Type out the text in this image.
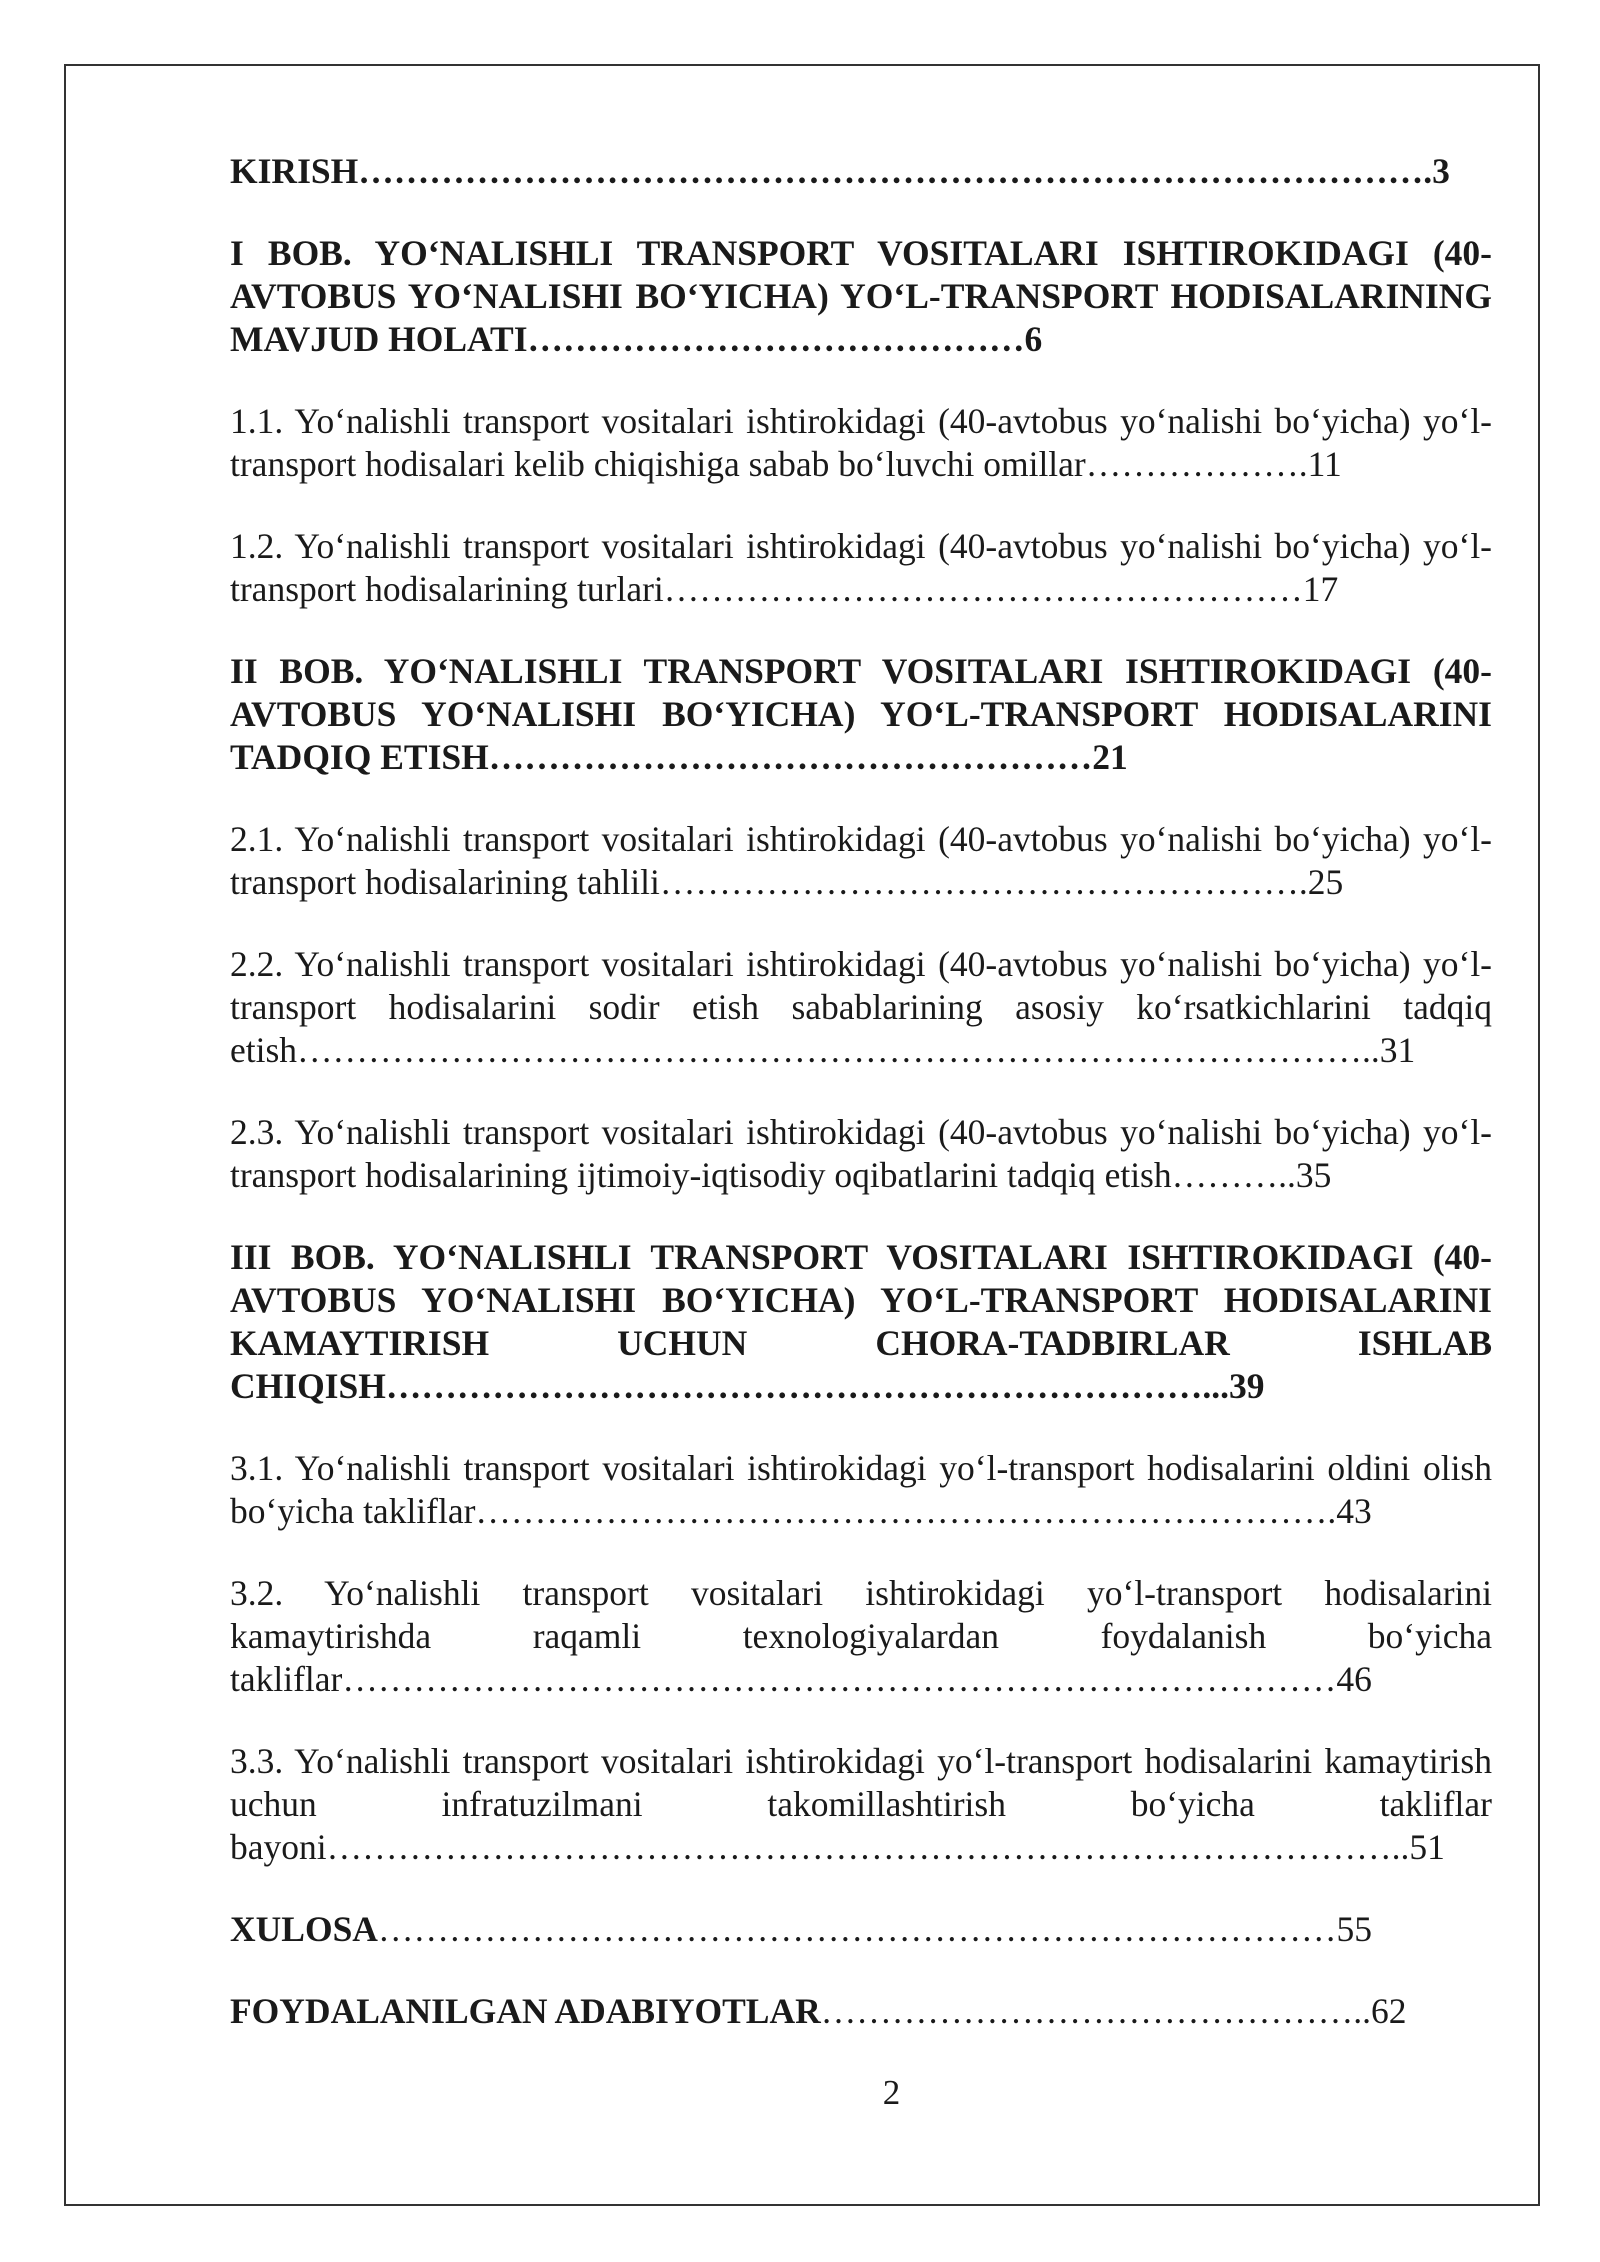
KIRISH……………………………………………………………………………….3

I BOB. YO‘NALISHLI TRANSPORT VOSITALARI ISHTIROKIDAGI (40-AVTOBUS YO‘NALISHI BO‘YICHA) YO‘L-TRANSPORT HODISALARINING MAVJUD HOLATI……………………………………6

1.1. Yo‘nalishli transport vositalari ishtirokidagi (40-avtobus yo‘nalishi bo‘yicha) yo‘l-transport hodisalari kelib chiqishiga sabab bo‘luvchi omillar……………….11

1.2. Yo‘nalishli transport vositalari ishtirokidagi (40-avtobus yo‘nalishi bo‘yicha) yo‘l-transport hodisalarining turlari………………………………………………17

II BOB. YO‘NALISHLI TRANSPORT VOSITALARI ISHTIROKIDAGI (40-AVTOBUS YO‘NALISHI BO‘YICHA) YO‘L-TRANSPORT HODISALARINI TADQIQ ETISH……………………………………………21

2.1. Yo‘nalishli transport vositalari ishtirokidagi (40-avtobus yo‘nalishi bo‘yicha) yo‘l-transport hodisalarining tahlili……………………………………………….25

2.2. Yo‘nalishli transport vositalari ishtirokidagi (40-avtobus yo‘nalishi bo‘yicha) yo‘l-transport hodisalarini sodir etish sabablarining asosiy ko‘rsatkichlarini tadqiq etish………………………………………………………………………………..31

2.3. Yo‘nalishli transport vositalari ishtirokidagi (40-avtobus yo‘nalishi bo‘yicha) yo‘l-transport hodisalarining ijtimoiy-iqtisodiy oqibatlarini tadqiq etish………..35

III BOB. YO‘NALISHLI TRANSPORT VOSITALARI ISHTIROKIDAGI (40-AVTOBUS YO‘NALISHI BO‘YICHA) YO‘L-TRANSPORT HODISALARINI KAMAYTIRISH UCHUN CHORA-TADBIRLAR ISHLAB CHIQISH……………………………………………………………...39

3.1. Yo‘nalishli transport vositalari ishtirokidagi yo‘l-transport hodisalarini oldini olish bo‘yicha takliflar……………………………………………………………….43

3.2. Yo‘nalishli transport vositalari ishtirokidagi yo‘l-transport hodisalarini kamaytirishda raqamli texnologiyalardan foydalanish bo‘yicha takliflar…………………………………………………………………………46

3.3. Yo‘nalishli transport vositalari ishtirokidagi yo‘l-transport hodisalarini kamaytirish uchun infratuzilmani takomillashtirish bo‘yicha takliflar bayoni………………………………………………………………………………..51

XULOSA………………………………………………………………………55

FOYDALANILGAN ADABIYOTLAR………………………………………..62

2
